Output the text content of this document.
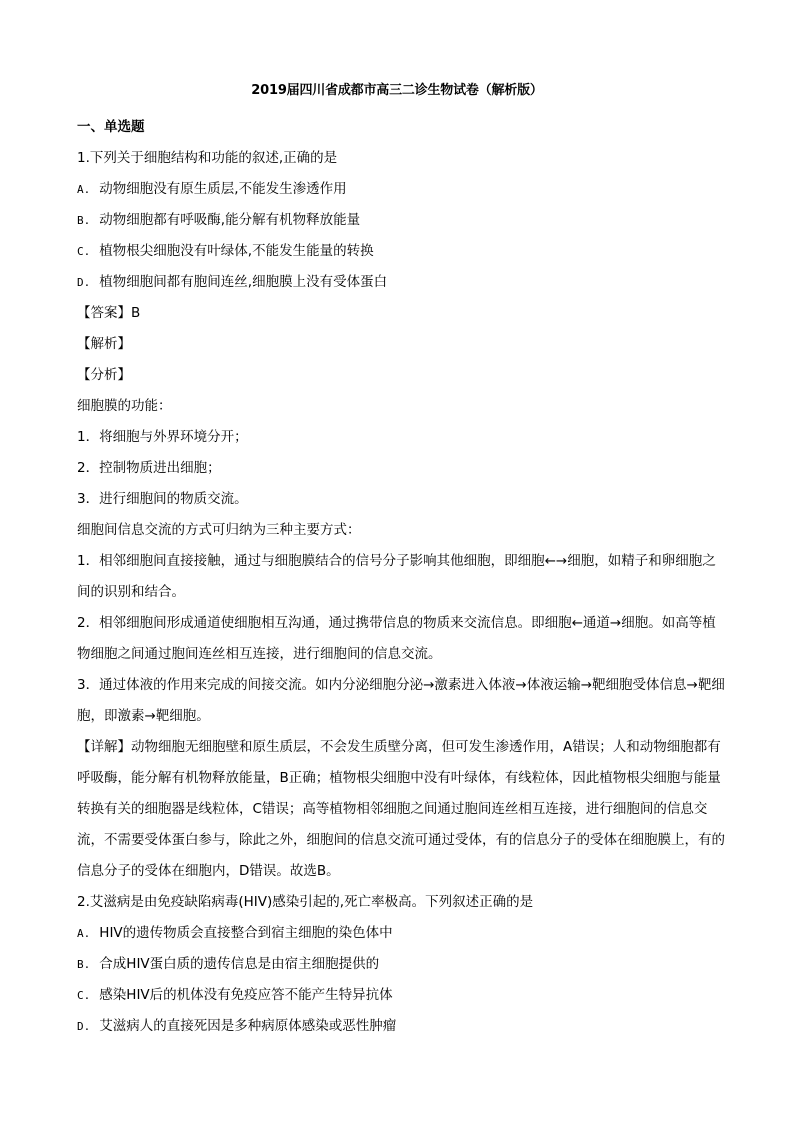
2019届四川省成都市高三二诊生物试卷（解析版）
一、单选题
1.下列关于细胞结构和功能的叙述,正确的是
A. 动物细胞没有原生质层,不能发生渗透作用
B. 动物细胞都有呼吸酶,能分解有机物释放能量
C. 植物根尖细胞没有叶绿体,不能发生能量的转换
D. 植物细胞间都有胞间连丝,细胞膜上没有受体蛋白
【答案】B
【解析】
【分析】
细胞膜的功能：
1．将细胞与外界环境分开；
2．控制物质进出细胞；
3．进行细胞间的物质交流。
细胞间信息交流的方式可归纳为三种主要方式：
1．相邻细胞间直接接触，通过与细胞膜结合的信号分子影响其他细胞，即细胞←→细胞，如精子和卵细胞之间的识别和结合。
2．相邻细胞间形成通道使细胞相互沟通，通过携带信息的物质来交流信息。即细胞←通道→细胞。如高等植物细胞之间通过胞间连丝相互连接，进行细胞间的信息交流。
3．通过体液的作用来完成的间接交流。如内分泌细胞分泌→激素进入体液→体液运输→靶细胞受体信息→靶细胞，即激素→靶细胞。
【详解】动物细胞无细胞壁和原生质层，不会发生质壁分离，但可发生渗透作用，A错误；人和动物细胞都有呼吸酶，能分解有机物释放能量，B正确；植物根尖细胞中没有叶绿体，有线粒体，因此植物根尖细胞与能量转换有关的细胞器是线粒体，C错误；高等植物相邻细胞之间通过胞间连丝相互连接，进行细胞间的信息交流，不需要受体蛋白参与，除此之外，细胞间的信息交流可通过受体，有的信息分子的受体在细胞膜上，有的信息分子的受体在细胞内，D错误。故选B。
2.艾滋病是由免疫缺陷病毒(HIV)感染引起的,死亡率极高。下列叙述正确的是
A. HIV的遗传物质会直接整合到宿主细胞的染色体中
B. 合成HIV蛋白质的遗传信息是由宿主细胞提供的
C. 感染HIV后的机体没有免疫应答不能产生特异抗体
D. 艾滋病人的直接死因是多种病原体感染或恶性肿瘤
